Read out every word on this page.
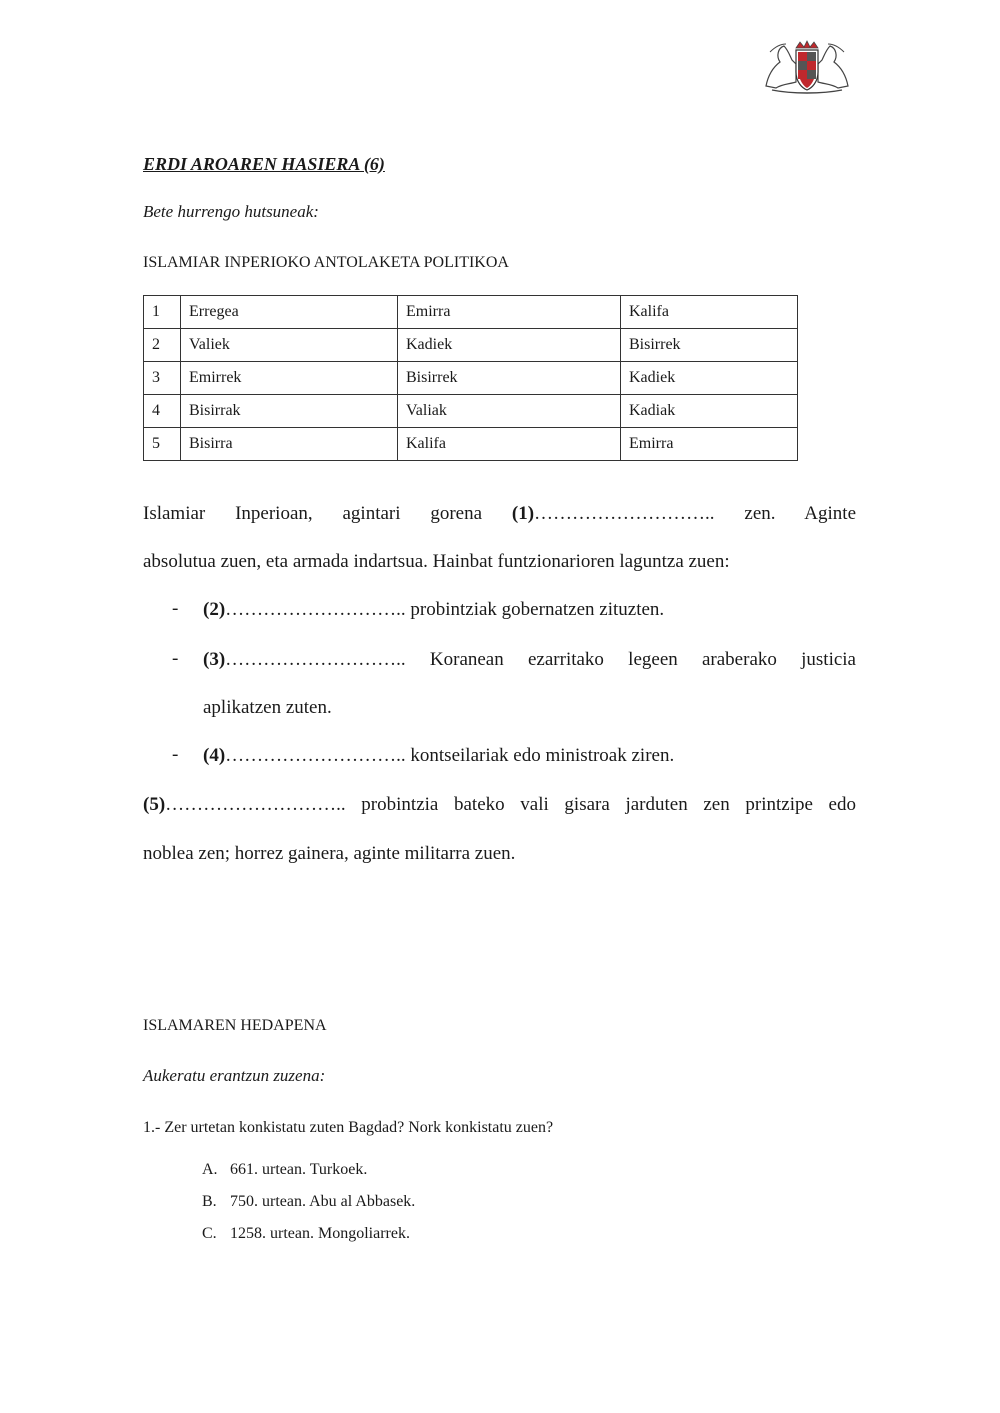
ERDI AROAREN HASIERA (6)
Bete hurrengo hutsuneak:
ISLAMIAR INPERIOKO ANTOLAKETA POLITIKOA
1	Erregea	Emirra	Kalifa
2	Valiek	Kadiek	Bisirrek
3	Emirrek	Bisirrek	Kadiek
4	Bisirrak	Valiak	Kadiak
5	Bisirra	Kalifa	Emirra
Islamiar Inperioan, agintari gorena (1)……………………….. zen. Aginte
absolutua zuen, eta armada indartsua. Hainbat funtzionarioren laguntza zuen:
- (2)……………………….. probintziak gobernatzen zituzten.
- (3)……………………….. Koranean ezarritako legeen araberako justicia
aplikatzen zuten.
- (4)……………………….. kontseilariak edo ministroak ziren.
(5)……………………….. probintzia bateko vali gisara jarduten zen printzipe edo
noblea zen; horrez gainera, aginte militarra zuen.
ISLAMAREN HEDAPENA
Aukeratu erantzun zuzena:
1.- Zer urtetan konkistatu zuten Bagdad? Nork konkistatu zuen?
A. 661. urtean. Turkoek.
B. 750. urtean. Abu al Abbasek.
C. 1258. urtean. Mongoliarrek.
